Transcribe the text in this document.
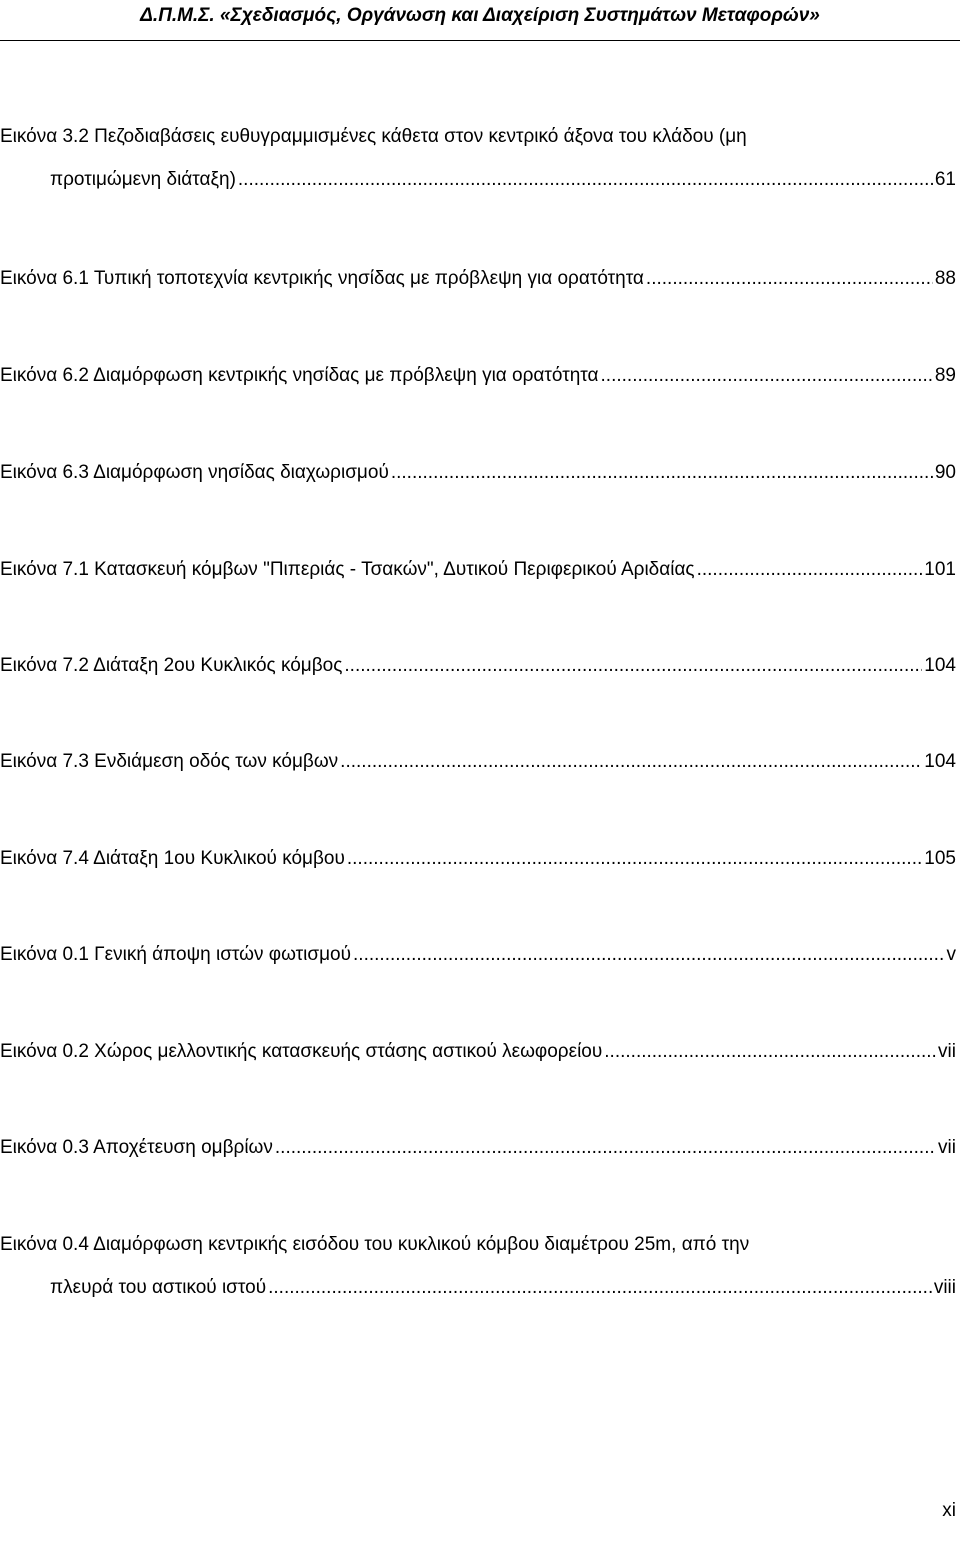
Δ.Π.Μ.Σ. «Σχεδιασμός, Οργάνωση και Διαχείριση Συστημάτων Μεταφορών»
Εικόνα 3.2 Πεζοδιαβάσεις ευθυγραμμισμένες κάθετα στον κεντρικό άξονα του κλάδου (μη
προτιμώμενη διάταξη) .....	61
Εικόνα 6.1 Τυπική τοποτεχνία κεντρικής νησίδας με πρόβλεψη για ορατότητα .....	88
Εικόνα 6.2 Διαμόρφωση κεντρικής νησίδας με πρόβλεψη για ορατότητα .....	89
Εικόνα 6.3 Διαμόρφωση νησίδας διαχωρισμού .....	90
Εικόνα 7.1 Κατασκευή κόμβων "Πιπεριάς - Τσακών", Δυτικού Περιφερικού Αριδαίας .....	101
Εικόνα 7.2 Διάταξη 2ου Κυκλικός κόμβος .....	104
Εικόνα 7.3 Ενδιάμεση οδός των κόμβων .....	104
Εικόνα 7.4 Διάταξη 1ου Κυκλικού κόμβου .....	105
Εικόνα 0.1 Γενική άποψη ιστών φωτισμού .....	v
Εικόνα 0.2 Χώρος μελλοντικής κατασκευής στάσης αστικού λεωφορείου .....	vii
Εικόνα 0.3 Αποχέτευση ομβρίων .....	vii
Εικόνα 0.4 Διαμόρφωση κεντρικής εισόδου του κυκλικού κόμβου διαμέτρου 25m, από την
πλευρά του αστικού ιστού .....	viii
xi
